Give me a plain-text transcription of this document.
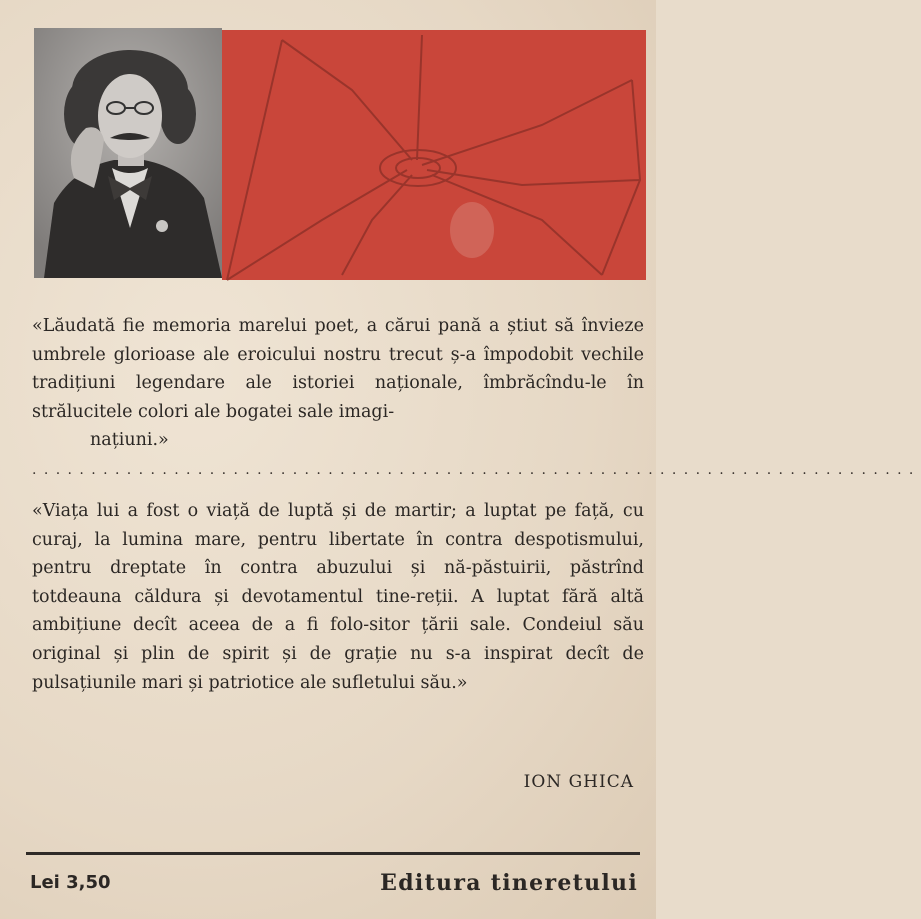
«Lăudată fie memoria marelui poet, a cărui pană a știut să învieze umbrele glorioase ale eroicului nostru trecut ș-a împodobit vechile tradițiuni legendare ale istoriei naționale, îmbrăcîndu-le în strălucitele colori ale bogatei sale imagi-

națiuni.»

...........................................................................

«Viața lui a fost o viață de luptă și de martir; a luptat pe față, cu curaj, la lumina mare, pentru libertate în contra despotismului, pentru dreptate în contra abuzului și nă-păstuirii, păstrînd totdeauna căldura și devotamentul tine-reții. A luptat fără altă ambițiune decît aceea de a fi folo-sitor țării sale. Condeiul său original și plin de spirit și de grație nu s-a inspirat decît de pulsațiunile mari și patriotice ale sufletului său.»

ION GHICA
Lei 3,50	Editura tineretului
